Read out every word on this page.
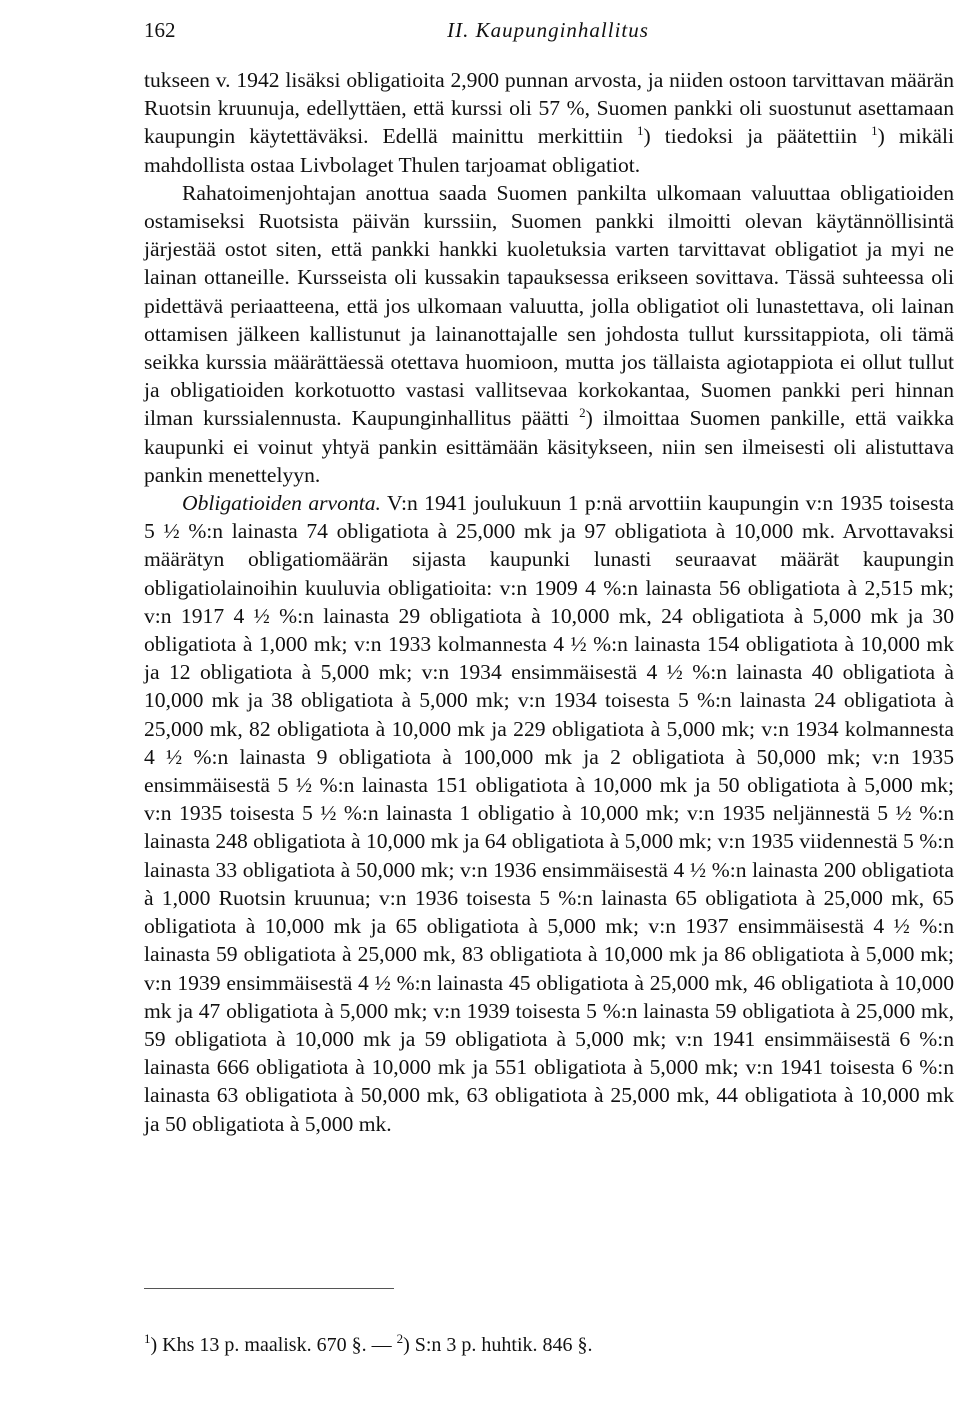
162	II. Kaupunginhallitus

tukseen v. 1942 lisäksi obligatioita 2,900 punnan arvosta, ja niiden ostoon tarvittavan määrän Ruotsin kruunuja, edellyttäen, että kurssi oli 57 %, Suomen pankki oli suostunut asettamaan kaupungin käytettäväksi. Edellä mainittu merkittiin $^1$) tiedoksi ja päätettiin $^1$) mikäli mahdollista ostaa Livbolaget Thulen tarjoamat obligatiot.

Rahatoimenjohtajan anottua saada Suomen pankilta ulkomaan valuuttaa obligatioiden ostamiseksi Ruotsista päivän kurssiin, Suomen pankki ilmoitti olevan käytännöllisintä järjestää ostot siten, että pankki hankki kuoletuksia varten tarvittavat obligatiot ja myi ne lainan ottaneille. Kursseista oli kussakin tapauksessa erikseen sovittava. Tässä suhteessa oli pidettävä periaatteena, että jos ulkomaan valuutta, jolla obligatiot oli lunastettava, oli lainan ottamisen jälkeen kallistunut ja lainanottajalle sen johdosta tullut kurssitappiota, oli tämä seikka kurssia määrättäessä otettava huomioon, mutta jos tällaista agiotappiota ei ollut tullut ja obligatioiden korkotuotto vastasi vallitsevaa korkokantaa, Suomen pankki peri hinnan ilman kurssialennusta. Kaupunginhallitus päätti $^2$) ilmoittaa Suomen pankille, että vaikka kaupunki ei voinut yhtyä pankin esittämään käsitykseen, niin sen ilmeisesti oli alistuttava pankin menettelyyn.

Obligatioiden arvonta. V:n 1941 joulukuun 1 p:nä arvottiin kaupungin v:n 1935 toisesta 5 ½ %:n lainasta 74 obligatiota à 25,000 mk ja 97 obligatiota à 10,000 mk. Arvottavaksi määrätyn obligatiomäärän sijasta kaupunki lunasti seuraavat määrät kaupungin obligatiolainoihin kuuluvia obligatioita: v:n 1909 4 %:n lainasta 56 obligatiota à 2,515 mk; v:n 1917 4 ½ %:n lainasta 29 obligatiota à 10,000 mk, 24 obligatiota à 5,000 mk ja 30 obligatiota à 1,000 mk; v:n 1933 kolmannesta 4 ½ %:n lainasta 154 obligatiota à 10,000 mk ja 12 obligatiota à 5,000 mk; v:n 1934 ensimmäisestä 4 ½ %:n lainasta 40 obligatiota à 10,000 mk ja 38 obligatiota à 5,000 mk; v:n 1934 toisesta 5 %:n lainasta 24 obligatiota à 25,000 mk, 82 obligatiota à 10,000 mk ja 229 obligatiota à 5,000 mk; v:n 1934 kolmannesta 4 ½ %:n lainasta 9 obligatiota à 100,000 mk ja 2 obligatiota à 50,000 mk; v:n 1935 ensimmäisestä 5 ½ %:n lainasta 151 obligatiota à 10,000 mk ja 50 obligatiota à 5,000 mk; v:n 1935 toisesta 5 ½ %:n lainasta 1 obligatio à 10,000 mk; v:n 1935 neljännestä 5 ½ %:n lainasta 248 obligatiota à 10,000 mk ja 64 obligatiota à 5,000 mk; v:n 1935 viidennestä 5 %:n lainasta 33 obligatiota à 50,000 mk; v:n 1936 ensimmäisestä 4 ½ %:n lainasta 200 obligatiota à 1,000 Ruotsin kruunua; v:n 1936 toisesta 5 %:n lainasta 65 obligatiota à 25,000 mk, 65 obligatiota à 10,000 mk ja 65 obligatiota à 5,000 mk; v:n 1937 ensimmäisestä 4 ½ %:n lainasta 59 obligatiota à 25,000 mk, 83 obligatiota à 10,000 mk ja 86 obligatiota à 5,000 mk; v:n 1939 ensimmäisestä 4 ½ %:n lainasta 45 obligatiota à 25,000 mk, 46 obligatiota à 10,000 mk ja 47 obligatiota à 5,000 mk; v:n 1939 toisesta 5 %:n lainasta 59 obligatiota à 25,000 mk, 59 obligatiota à 10,000 mk ja 59 obligatiota à 5,000 mk; v:n 1941 ensimmäisestä 6 %:n lainasta 666 obligatiota à 10,000 mk ja 551 obligatiota à 5,000 mk; v:n 1941 toisesta 6 %:n lainasta 63 obligatiota à 50,000 mk, 63 obligatiota à 25,000 mk, 44 obligatiota à 10,000 mk ja 50 obligatiota à 5,000 mk.

$^1$) Khs 13 p. maalisk. 670 §. — $^2$) S:n 3 p. huhtik. 846 §.
